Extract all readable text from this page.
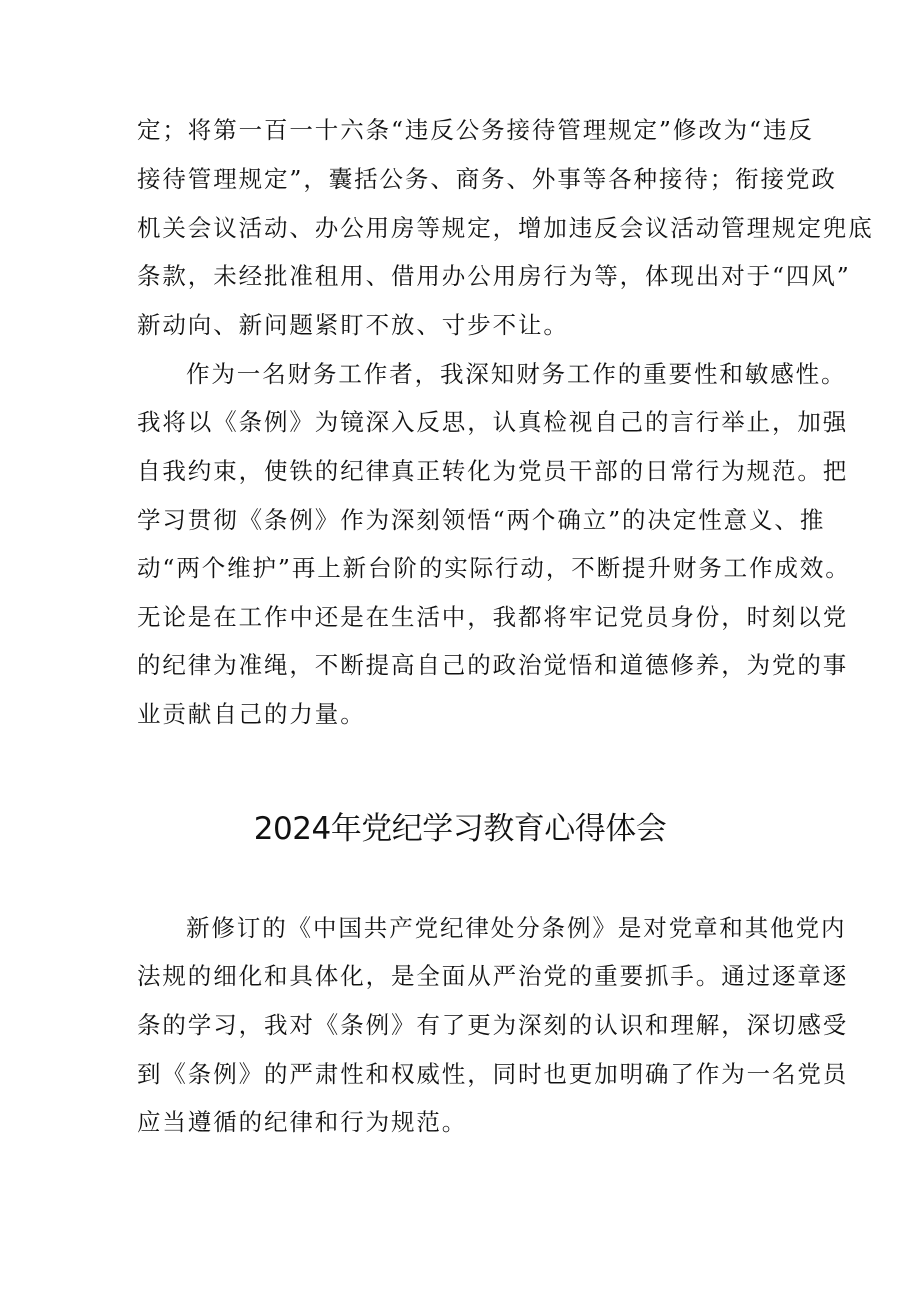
定；将第一百一十六条“违反公务接待管理规定”修改为“违反
接待管理规定”，囊括公务、商务、外事等各种接待；衔接党政
机关会议活动、办公用房等规定，增加违反会议活动管理规定兜底
条款，未经批准租用、借用办公用房行为等，体现出对于“四风”
新动向、新问题紧盯不放、寸步不让。
作为一名财务工作者，我深知财务工作的重要性和敏感性。
我将以《条例》为镜深入反思，认真检视自己的言行举止，加强
自我约束，使铁的纪律真正转化为党员干部的日常行为规范。把
学习贯彻《条例》作为深刻领悟“两个确立”的决定性意义、推
动“两个维护”再上新台阶的实际行动，不断提升财务工作成效。
无论是在工作中还是在生活中，我都将牢记党员身份，时刻以党
的纪律为准绳，不断提高自己的政治觉悟和道德修养，为党的事
业贡献自己的力量。
2024年党纪学习教育心得体会
新修订的《中国共产党纪律处分条例》是对党章和其他党内
法规的细化和具体化，是全面从严治党的重要抓手。通过逐章逐
条的学习，我对《条例》有了更为深刻的认识和理解，深切感受
到《条例》的严肃性和权威性，同时也更加明确了作为一名党员
应当遵循的纪律和行为规范。
